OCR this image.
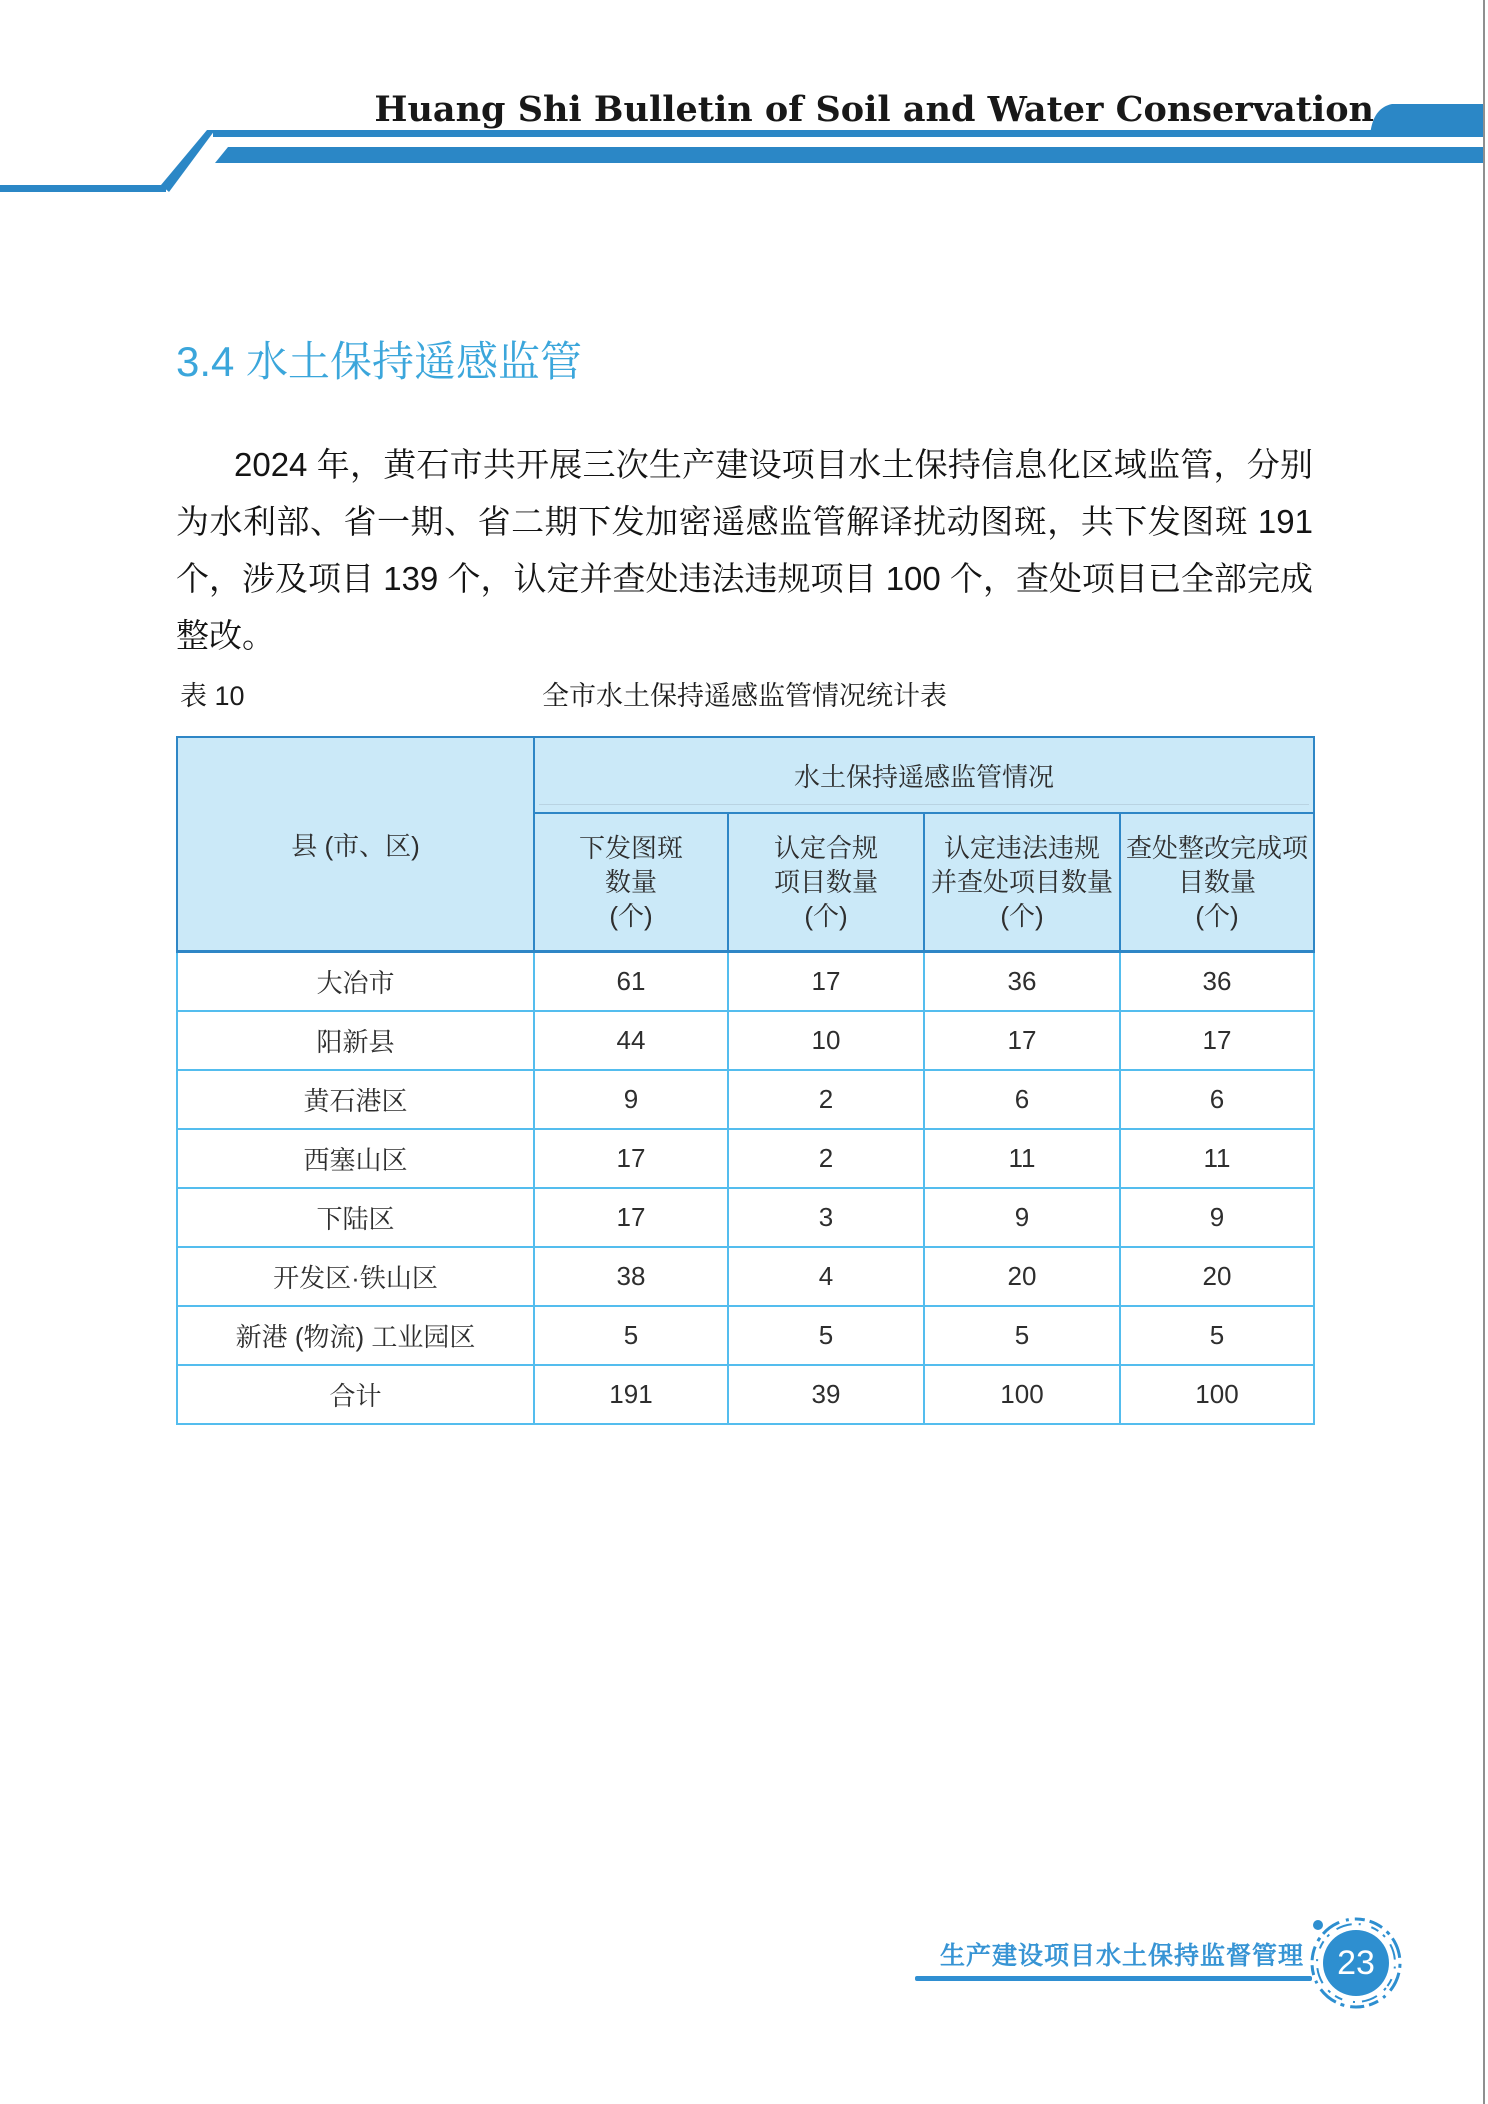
Huang Shi Bulletin of Soil and Water Conservation
3.4 水土保持遥感监管
2024 年，黄石市共开展三次生产建设项目水土保持信息化区域监管，分别为水利部、省一期、省二期下发加密遥感监管解译扰动图斑，共下发图斑 191 个，涉及项目 139 个，认定并查处违法违规项目 100 个，查处项目已全部完成整改。
表 10	全市水土保持遥感监管情况统计表
县 (市、区)	水土保持遥感监管情况			

下发图斑
数量
(个)

认定合规
项目数量
(个)

认定违法违规
并查处项目数量
(个)

查处整改完成项
目数量
(个)

大冶市	61	17	36	36
阳新县	44	10	17	17
黄石港区	9	2	6	6
西塞山区	17	2	11	11
下陆区	17	3	9	9
开发区·铁山区	38	4	20	20
新港 (物流) 工业园区	5	5	5	5
合计	191	39	100	100
生产建设项目水土保持监督管理 23
